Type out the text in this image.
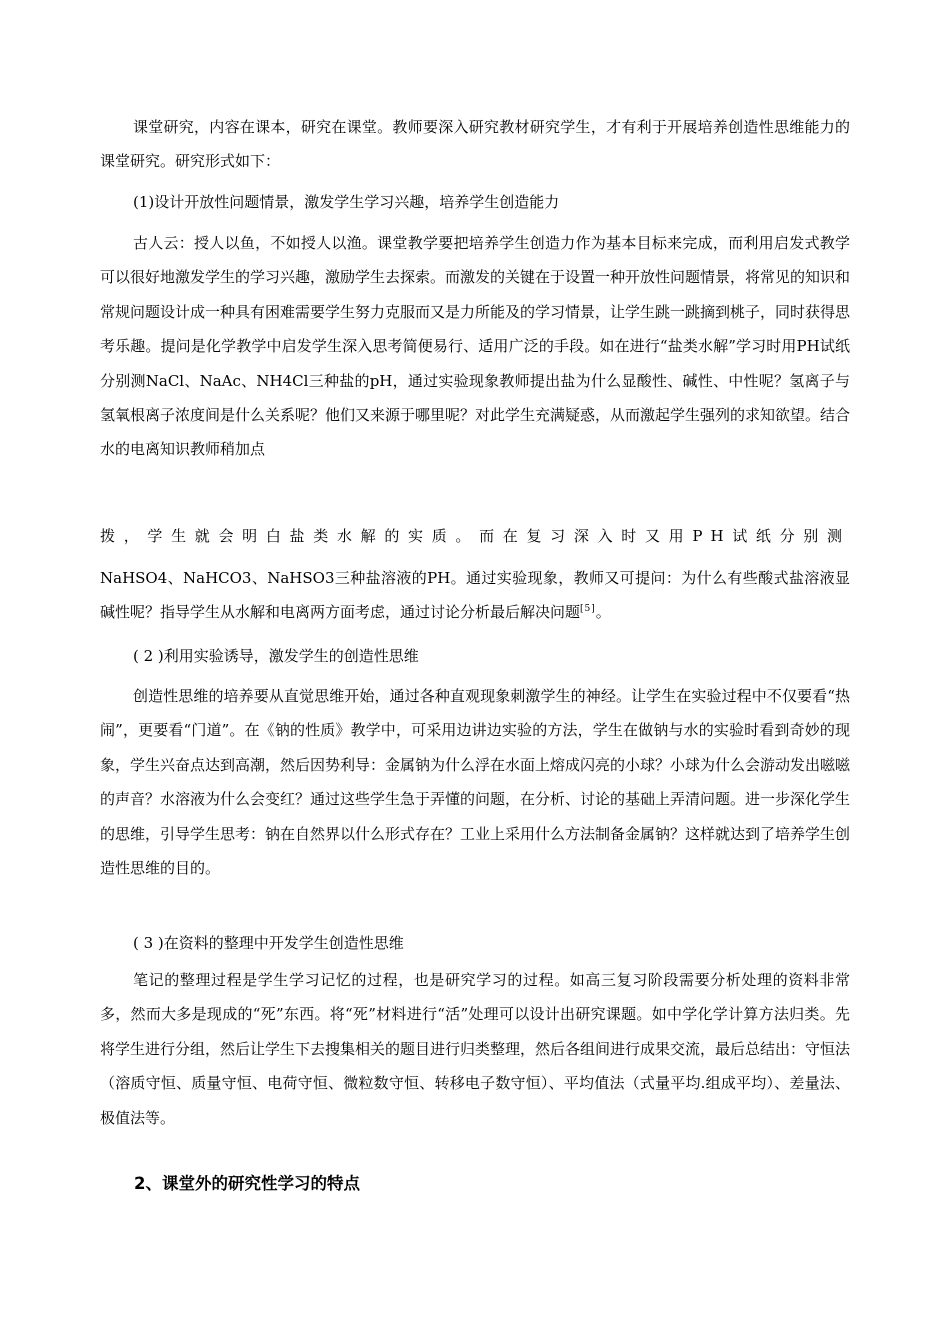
课堂研究，内容在课本，研究在课堂。教师要深入研究教材研究学生，才有利于开展培养创造性思维能力的课堂研究。研究形式如下：

(1)设计开放性问题情景，激发学生学习兴趣，培养学生创造能力

古人云：授人以鱼，不如授人以渔。课堂教学要把培养学生创造力作为基本目标来完成，而利用启发式教学可以很好地激发学生的学习兴趣，激励学生去探索。而激发的关键在于设置一种开放性问题情景，将常见的知识和常规问题设计成一种具有困难需要学生努力克服而又是力所能及的学习情景，让学生跳一跳摘到桃子，同时获得思考乐趣。提问是化学教学中启发学生深入思考简便易行、适用广泛的手段。如在进行“盐类水解”学习时用PH试纸分别测NaCl、NaAc、NH4Cl三种盐的pH，通过实验现象教师提出盐为什么显酸性、碱性、中性呢？氢离子与氢氧根离子浓度间是什么关系呢？他们又来源于哪里呢？对此学生充满疑惑，从而激起学生强列的求知欲望。结合水的电离知识教师稍加点

拨，学生就会明白盐类水解的实质。而在复习深入时又用PH试纸分别测

NaHSO4、NaHCO3、NaHSO3三种盐溶液的PH。通过实验现象，教师又可提问：为什么有些酸式盐溶液显碱性呢？指导学生从水解和电离两方面考虑，通过讨论分析最后解决问题[5]。

( 2 )利用实验诱导，激发学生的创造性思维

创造性思维的培养要从直觉思维开始，通过各种直观现象刺激学生的神经。让学生在实验过程中不仅要看“热闹”，更要看“门道”。在《钠的性质》教学中，可采用边讲边实验的方法，学生在做钠与水的实验时看到奇妙的现象，学生兴奋点达到高潮，然后因势利导：金属钠为什么浮在水面上熔成闪亮的小球？小球为什么会游动发出嗞嗞的声音？水溶液为什么会变红？通过这些学生急于弄懂的问题，在分析、讨论的基础上弄清问题。进一步深化学生的思维，引导学生思考：钠在自然界以什么形式存在？工业上采用什么方法制备金属钠？这样就达到了培养学生创造性思维的目的。

( 3 )在资料的整理中开发学生创造性思维

笔记的整理过程是学生学习记忆的过程，也是研究学习的过程。如高三复习阶段需要分析处理的资料非常多，然而大多是现成的“死”东西。将“死”材料进行“活”处理可以设计出研究课题。如中学化学计算方法归类。先将学生进行分组，然后让学生下去搜集相关的题目进行归类整理，然后各组间进行成果交流，最后总结出：守恒法（溶质守恒、质量守恒、电荷守恒、微粒数守恒、转移电子数守恒）、平均值法（式量平均.组成平均）、差量法、极值法等。

2、课堂外的研究性学习的特点
